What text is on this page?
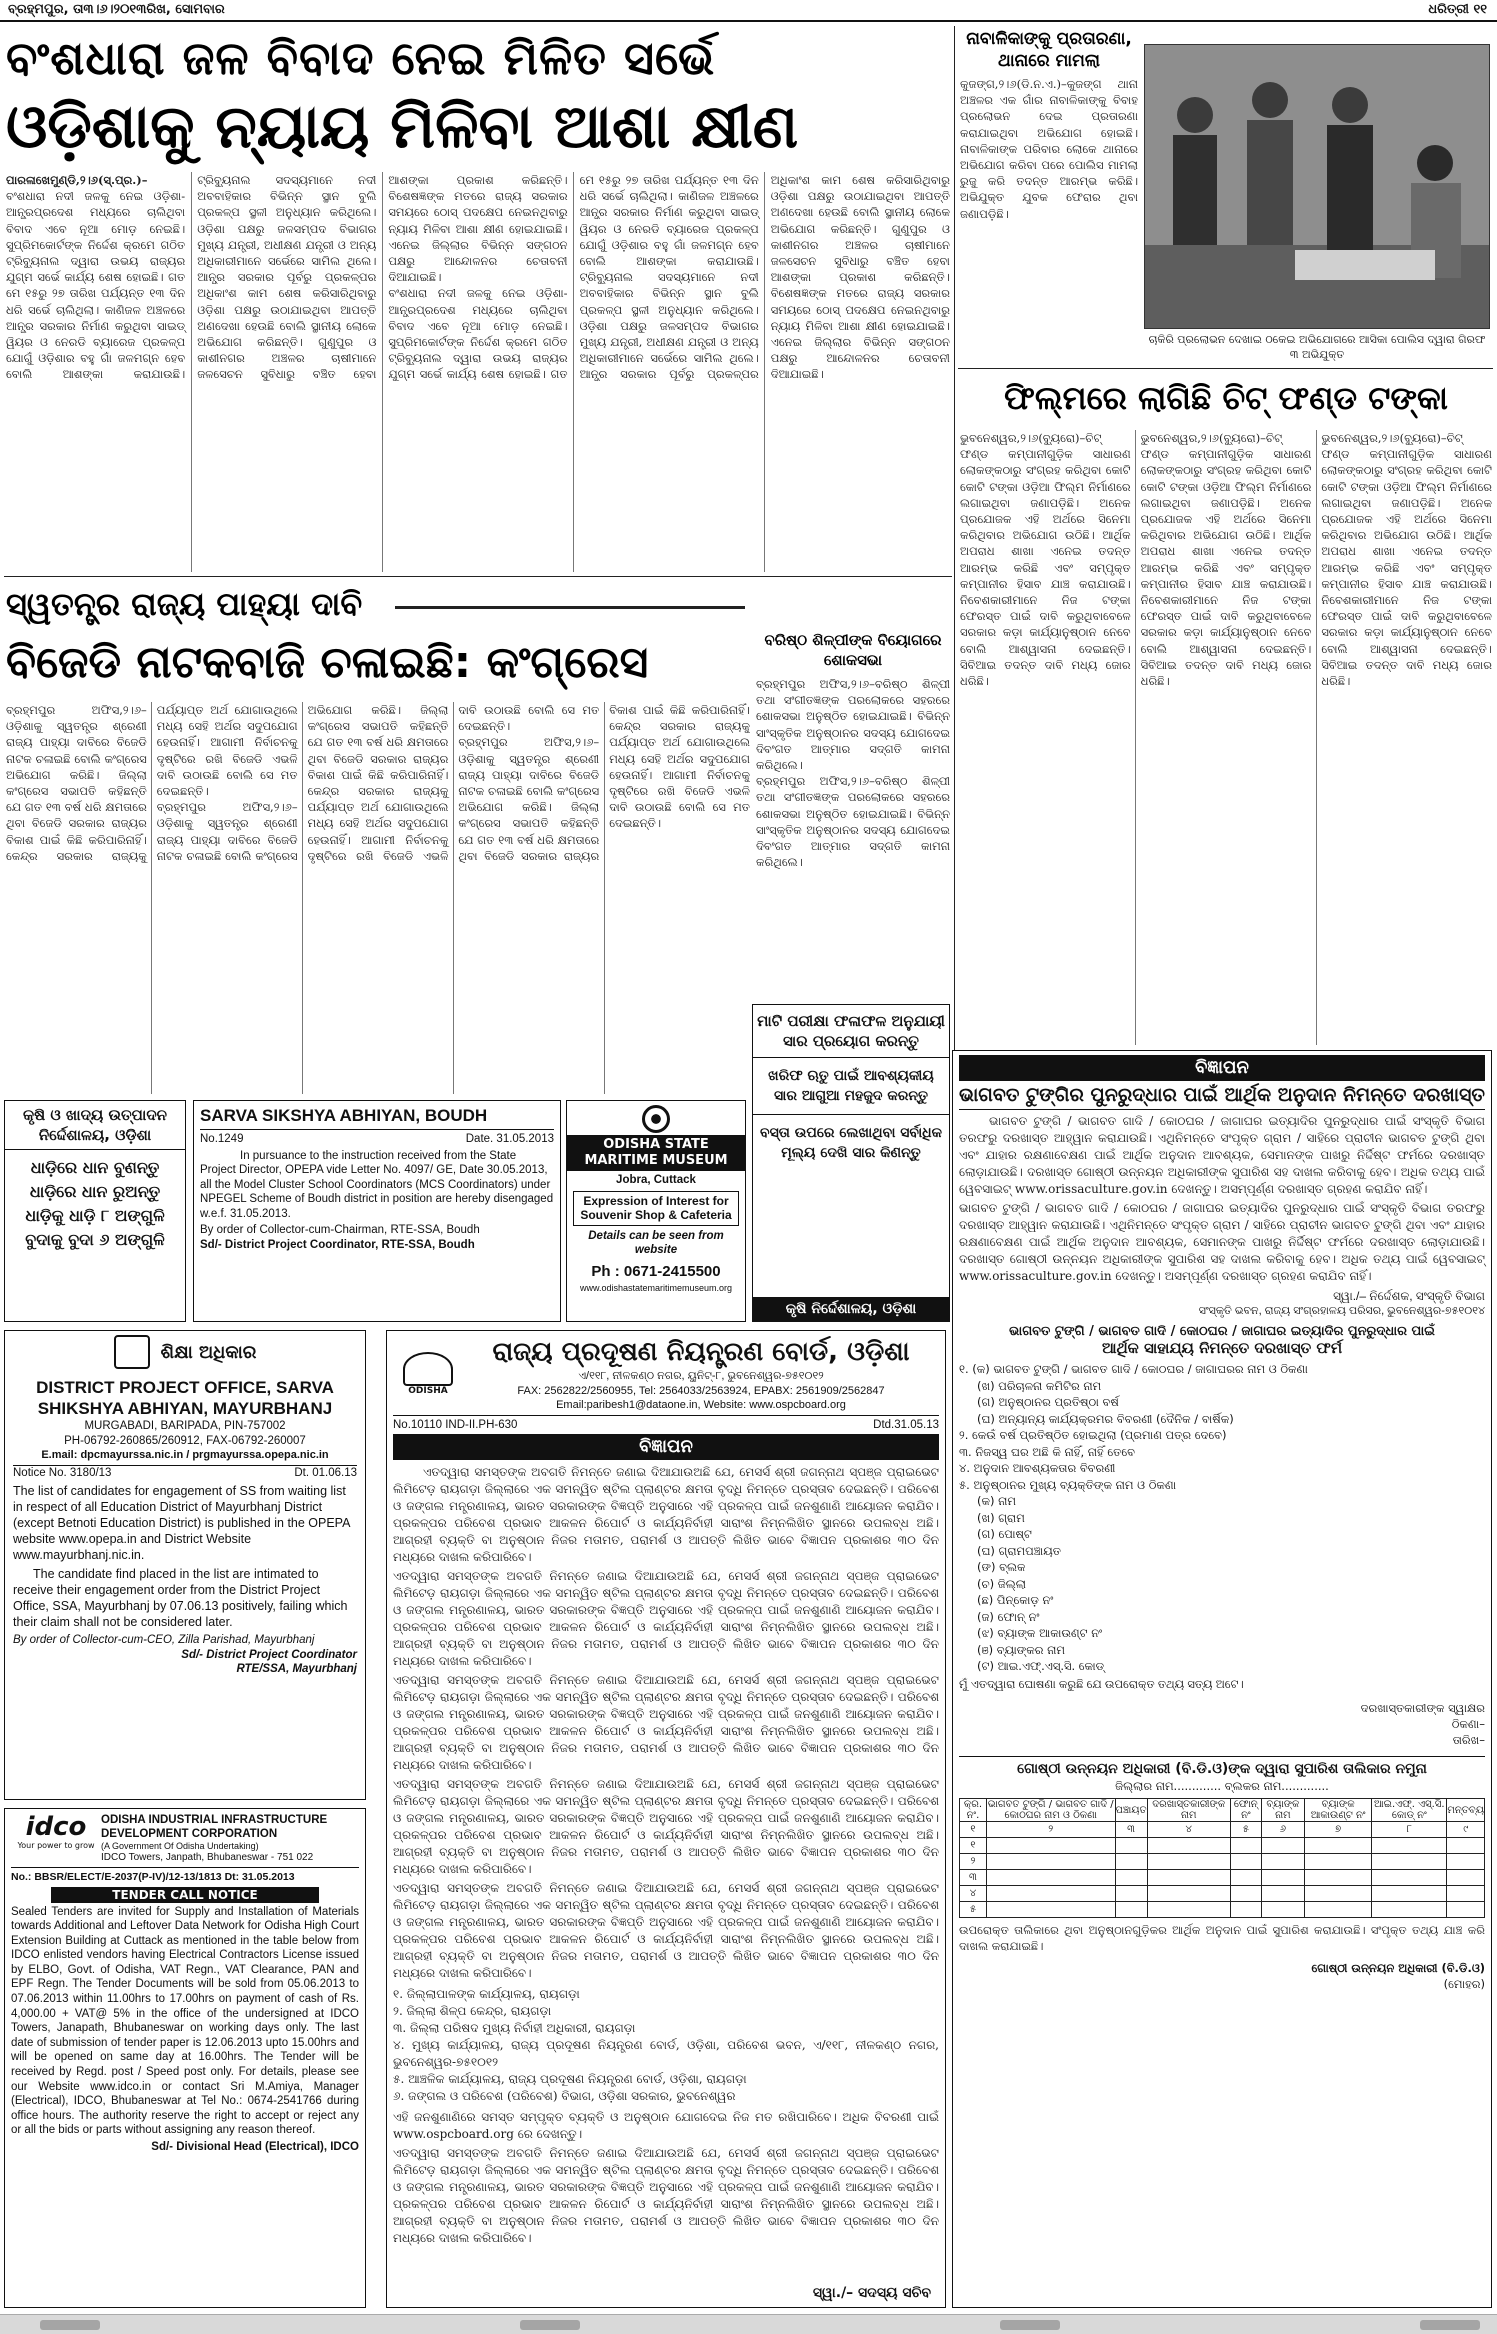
ବ୍ରହ୍ମପୁର, ତା୩।୬।୨୦୧୩ରିଖ, ସୋମବାର	ଧରିତ୍ରୀ ୧୧
ବଂଶଧାରା ଜଳ ବିବାଦ ନେଇ ମିଳିତ ସର୍ଭେ
ଓଡ଼ିଶାକୁ ନ୍ୟାୟ ମିଳିବା ଆଶା କ୍ଷୀଣ
ପାରଳାଖେମୁଣ୍ଡି,୨।୬(ସ୍.ପ୍ର.)– ବଂଶଧାରା ନଦୀ ଜଳକୁ ନେଇ ଓଡ଼ିଶା-ଆନ୍ଧ୍ରପ୍ରଦେଶ ମଧ୍ୟରେ ଚାଲିଥିବା ବିବାଦ ଏବେ ନୂଆ ମୋଡ଼ ନେଇଛି। ସୁପ୍ରିମକୋର୍ଟଙ୍କ ନିର୍ଦ୍ଦେଶ କ୍ରମେ ଗଠିତ ଟ୍ରିବ୍ୟୁନାଲ ଦ୍ୱାରା ଉଭୟ ରାଜ୍ୟର ଯୁଗ୍ମ ସର୍ଭେ କାର୍ଯ୍ୟ ଶେଷ ହୋଇଛି। ଗତ ମେ ୧୫ରୁ ୨୭ ତାରିଖ ପର୍ଯ୍ୟନ୍ତ ୧୩ ଦିନ ଧରି ସର୍ଭେ ଚାଲିଥିଲା। କାଣିଜଳ ଅଞ୍ଚଳରେ ଆନ୍ଧ୍ର ସରକାର ନିର୍ମାଣ କରୁଥିବା ସାଇଡ୍ ୱିୟର ଓ ନେରଡି ବ୍ୟାରେଜ ପ୍ରକଳ୍ପ ଯୋଗୁଁ ଓଡ଼ିଶାର ବହୁ ଗାଁ ଜଳମଗ୍ନ ହେବ ବୋଲି ଆଶଙ୍କା କରାଯାଉଛି। ଟ୍ରିବ୍ୟୁନାଲ ସଦସ୍ୟମାନେ ନଦୀ ଅବବାହିକାର ବିଭିନ୍ନ ସ୍ଥାନ ବୁଲି ପ୍ରକଳ୍ପ ସ୍ଥଳୀ ଅନୁଧ୍ୟାନ କରିଥିଲେ। ଓଡ଼ିଶା ପକ୍ଷରୁ ଜଳସମ୍ପଦ ବିଭାଗର ମୁଖ୍ୟ ଯନ୍ତ୍ରୀ, ଅଧୀକ୍ଷଣ ଯନ୍ତ୍ରୀ ଓ ଅନ୍ୟ ଅଧିକାରୀମାନେ ସର୍ଭେରେ ସାମିଲ ଥିଲେ। ଆନ୍ଧ୍ର ସରକାର ପୂର୍ବରୁ ପ୍ରକଳ୍ପର ଅଧିକାଂଶ କାମ ଶେଷ କରିସାରିଥିବାରୁ ଓଡ଼ିଶା ପକ୍ଷରୁ ଉଠାଯାଇଥିବା ଆପତ୍ତି ଅଣଦେଖା ହେଉଛି ବୋଲି ସ୍ଥାନୀୟ ଲୋକେ ଅଭିଯୋଗ କରିଛନ୍ତି। ଗୁଣୁପୁର ଓ କାଶୀନଗର ଅଞ୍ଚଳର ଚାଷୀମାନେ ଜଳସେଚନ ସୁବିଧାରୁ ବଞ୍ଚିତ ହେବା ଆଶଙ୍କା ପ୍ରକାଶ କରିଛନ୍ତି। ବିଶେଷଜ୍ଞଙ୍କ ମତରେ ରାଜ୍ୟ ସରକାର ସମୟରେ ଠୋସ୍ ପଦକ୍ଷେପ ନେଇନଥିବାରୁ ନ୍ୟାୟ ମିଳିବା ଆଶା କ୍ଷୀଣ ହୋଇଯାଇଛି। ଏନେଇ ଜିଲ୍ଲାର ବିଭିନ୍ନ ସଙ୍ଗଠନ ପକ୍ଷରୁ ଆନ୍ଦୋଳନର ଚେତାବନୀ ଦିଆଯାଇଛି।
ବଂଶଧାରା ନଦୀ ଜଳକୁ ନେଇ ଓଡ଼ିଶା-ଆନ୍ଧ୍ରପ୍ରଦେଶ ମଧ୍ୟରେ ଚାଲିଥିବା ବିବାଦ ଏବେ ନୂଆ ମୋଡ଼ ନେଇଛି। ସୁପ୍ରିମକୋର୍ଟଙ୍କ ନିର୍ଦ୍ଦେଶ କ୍ରମେ ଗଠିତ ଟ୍ରିବ୍ୟୁନାଲ ଦ୍ୱାରା ଉଭୟ ରାଜ୍ୟର ଯୁଗ୍ମ ସର୍ଭେ କାର୍ଯ୍ୟ ଶେଷ ହୋଇଛି। ଗତ ମେ ୧୫ରୁ ୨୭ ତାରିଖ ପର୍ଯ୍ୟନ୍ତ ୧୩ ଦିନ ଧରି ସର୍ଭେ ଚାଲିଥିଲା। କାଣିଜଳ ଅଞ୍ଚଳରେ ଆନ୍ଧ୍ର ସରକାର ନିର୍ମାଣ କରୁଥିବା ସାଇଡ୍ ୱିୟର ଓ ନେରଡି ବ୍ୟାରେଜ ପ୍ରକଳ୍ପ ଯୋଗୁଁ ଓଡ଼ିଶାର ବହୁ ଗାଁ ଜଳମଗ୍ନ ହେବ ବୋଲି ଆଶଙ୍କା କରାଯାଉଛି। ଟ୍ରିବ୍ୟୁନାଲ ସଦସ୍ୟମାନେ ନଦୀ ଅବବାହିକାର ବିଭିନ୍ନ ସ୍ଥାନ ବୁଲି ପ୍ରକଳ୍ପ ସ୍ଥଳୀ ଅନୁଧ୍ୟାନ କରିଥିଲେ। ଓଡ଼ିଶା ପକ୍ଷରୁ ଜଳସମ୍ପଦ ବିଭାଗର ମୁଖ୍ୟ ଯନ୍ତ୍ରୀ, ଅଧୀକ୍ଷଣ ଯନ୍ତ୍ରୀ ଓ ଅନ୍ୟ ଅଧିକାରୀମାନେ ସର୍ଭେରେ ସାମିଲ ଥିଲେ। ଆନ୍ଧ୍ର ସରକାର ପୂର୍ବରୁ ପ୍ରକଳ୍ପର ଅଧିକାଂଶ କାମ ଶେଷ କରିସାରିଥିବାରୁ ଓଡ଼ିଶା ପକ୍ଷରୁ ଉଠାଯାଇଥିବା ଆପତ୍ତି ଅଣଦେଖା ହେଉଛି ବୋଲି ସ୍ଥାନୀୟ ଲୋକେ ଅଭିଯୋଗ କରିଛନ୍ତି। ଗୁଣୁପୁର ଓ କାଶୀନଗର ଅଞ୍ଚଳର ଚାଷୀମାନେ ଜଳସେଚନ ସୁବିଧାରୁ ବଞ୍ଚିତ ହେବା ଆଶଙ୍କା ପ୍ରକାଶ କରିଛନ୍ତି। ବିଶେଷଜ୍ଞଙ୍କ ମତରେ ରାଜ୍ୟ ସରକାର ସମୟରେ ଠୋସ୍ ପଦକ୍ଷେପ ନେଇନଥିବାରୁ ନ୍ୟାୟ ମିଳିବା ଆଶା କ୍ଷୀଣ ହୋଇଯାଇଛି। ଏନେଇ ଜିଲ୍ଲାର ବିଭିନ୍ନ ସଙ୍ଗଠନ ପକ୍ଷରୁ ଆନ୍ଦୋଳନର ଚେତାବନୀ ଦିଆଯାଇଛି।
ନାବାଳିକାଙ୍କୁ ପ୍ରତାରଣା,
ଥାନାରେ ମାମଲା
କୁଜଙ୍ଗ,୨।୬(ଡି.ନ.ଏ.)–କୁଜଙ୍ଗ ଥାନା ଅଞ୍ଚଳର ଏକ ଗାଁର ନାବାଳିକାଙ୍କୁ ବିବାହ ପ୍ରଲୋଭନ ଦେଇ ପ୍ରତାରଣା କରାଯାଇଥିବା ଅଭିଯୋଗ ହୋଇଛି। ନାବାଳିକାଙ୍କ ପରିବାର ଲୋକେ ଥାନାରେ ଅଭିଯୋଗ କରିବା ପରେ ପୋଲିସ ମାମଲା ରୁଜୁ କରି ତଦନ୍ତ ଆରମ୍ଭ କରିଛି। ଅଭିଯୁକ୍ତ ଯୁବକ ଫେରାର ଥିବା ଜଣାପଡ଼ିଛି।
ଚାକିରି ପ୍ରଲୋଭନ ଦେଖାଇ ଠକେଇ ଅଭିଯୋଗରେ ଆସିକା ପୋଲିସ ଦ୍ୱାରା ଗିରଫ ୩ ଅଭିଯୁକ୍ତ
ଫିଲ୍ମରେ ଲାଗିଛି ଚିଟ୍ ଫଣ୍ଡ ଟଙ୍କା
ଭୁବନେଶ୍ୱର,୨।୬(ବ୍ୟୁରୋ)–ଚିଟ୍ ଫଣ୍ଡ କମ୍ପାନୀଗୁଡ଼ିକ ସାଧାରଣ ଲୋକଙ୍କଠାରୁ ସଂଗ୍ରହ କରିଥିବା କୋଟି କୋଟି ଟଙ୍କା ଓଡ଼ିଆ ଫିଲ୍ମ ନିର୍ମାଣରେ ଲଗାଇଥିବା ଜଣାପଡ଼ିଛି। ଅନେକ ପ୍ରଯୋଜକ ଏହି ଅର୍ଥରେ ସିନେମା କରିଥିବାର ଅଭିଯୋଗ ଉଠିଛି। ଆର୍ଥିକ ଅପରାଧ ଶାଖା ଏନେଇ ତଦନ୍ତ ଆରମ୍ଭ କରିଛି ଏବଂ ସମ୍ପୃକ୍ତ କମ୍ପାନୀର ହିସାବ ଯାଞ୍ଚ କରାଯାଉଛି। ନିବେଶକାରୀମାନେ ନିଜ ଟଙ୍କା ଫେରସ୍ତ ପାଇଁ ଦାବି କରୁଥିବାବେଳେ ସରକାର କଡ଼ା କାର୍ଯ୍ୟାନୁଷ୍ଠାନ ନେବେ ବୋଲି ଆଶ୍ୱାସନା ଦେଇଛନ୍ତି। ସିବିଆଇ ତଦନ୍ତ ଦାବି ମଧ୍ୟ ଜୋର ଧରିଛି।
ଭୁବନେଶ୍ୱର,୨।୬(ବ୍ୟୁରୋ)–ଚିଟ୍ ଫଣ୍ଡ କମ୍ପାନୀଗୁଡ଼ିକ ସାଧାରଣ ଲୋକଙ୍କଠାରୁ ସଂଗ୍ରହ କରିଥିବା କୋଟି କୋଟି ଟଙ୍କା ଓଡ଼ିଆ ଫିଲ୍ମ ନିର୍ମାଣରେ ଲଗାଇଥିବା ଜଣାପଡ଼ିଛି। ଅନେକ ପ୍ରଯୋଜକ ଏହି ଅର୍ଥରେ ସିନେମା କରିଥିବାର ଅଭିଯୋଗ ଉଠିଛି। ଆର୍ଥିକ ଅପରାଧ ଶାଖା ଏନେଇ ତଦନ୍ତ ଆରମ୍ଭ କରିଛି ଏବଂ ସମ୍ପୃକ୍ତ କମ୍ପାନୀର ହିସାବ ଯାଞ୍ଚ କରାଯାଉଛି। ନିବେଶକାରୀମାନେ ନିଜ ଟଙ୍କା ଫେରସ୍ତ ପାଇଁ ଦାବି କରୁଥିବାବେଳେ ସରକାର କଡ଼ା କାର୍ଯ୍ୟାନୁଷ୍ଠାନ ନେବେ ବୋଲି ଆଶ୍ୱାସନା ଦେଇଛନ୍ତି। ସିବିଆଇ ତଦନ୍ତ ଦାବି ମଧ୍ୟ ଜୋର ଧରିଛି।
ଭୁବନେଶ୍ୱର,୨।୬(ବ୍ୟୁରୋ)–ଚିଟ୍ ଫଣ୍ଡ କମ୍ପାନୀଗୁଡ଼ିକ ସାଧାରଣ ଲୋକଙ୍କଠାରୁ ସଂଗ୍ରହ କରିଥିବା କୋଟି କୋଟି ଟଙ୍କା ଓଡ଼ିଆ ଫିଲ୍ମ ନିର୍ମାଣରେ ଲଗାଇଥିବା ଜଣାପଡ଼ିଛି। ଅନେକ ପ୍ରଯୋଜକ ଏହି ଅର୍ଥରେ ସିନେମା କରିଥିବାର ଅଭିଯୋଗ ଉଠିଛି। ଆର୍ଥିକ ଅପରାଧ ଶାଖା ଏନେଇ ତଦନ୍ତ ଆରମ୍ଭ କରିଛି ଏବଂ ସମ୍ପୃକ୍ତ କମ୍ପାନୀର ହିସାବ ଯାଞ୍ଚ କରାଯାଉଛି। ନିବେଶକାରୀମାନେ ନିଜ ଟଙ୍କା ଫେରସ୍ତ ପାଇଁ ଦାବି କରୁଥିବାବେଳେ ସରକାର କଡ଼ା କାର୍ଯ୍ୟାନୁଷ୍ଠାନ ନେବେ ବୋଲି ଆଶ୍ୱାସନା ଦେଇଛନ୍ତି। ସିବିଆଇ ତଦନ୍ତ ଦାବି ମଧ୍ୟ ଜୋର ଧରିଛି।
ସ୍ୱତନ୍ତ୍ର ରାଜ୍ୟ ପାହ୍ୟା ଦାବି
ବିଜେଡି ନାଟକବାଜି ଚଳାଇଛି: କଂଗ୍ରେସ
ବ୍ରହ୍ମପୁର ଅଫିସ,୨।୬–ଓଡ଼ିଶାକୁ ସ୍ୱତନ୍ତ୍ର ଶ୍ରେଣୀ ରାଜ୍ୟ ପାହ୍ୟା ଦାବିରେ ବିଜେଡି ନାଟକ ଚଳାଇଛି ବୋଲି କଂଗ୍ରେସ ଅଭିଯୋଗ କରିଛି। ଜିଲ୍ଲା କଂଗ୍ରେସ ସଭାପତି କହିଛନ୍ତି ଯେ ଗତ ୧୩ ବର୍ଷ ଧରି କ୍ଷମତାରେ ଥିବା ବିଜେଡି ସରକାର ରାଜ୍ୟର ବିକାଶ ପାଇଁ କିଛି କରିପାରିନାହିଁ। କେନ୍ଦ୍ର ସରକାର ରାଜ୍ୟକୁ ପର୍ଯ୍ୟାପ୍ତ ଅର୍ଥ ଯୋଗାଉଥିଲେ ମଧ୍ୟ ସେହି ଅର୍ଥର ସଦୁପଯୋଗ ହେଉନାହିଁ। ଆଗାମୀ ନିର୍ବାଚନକୁ ଦୃଷ୍ଟିରେ ରଖି ବିଜେଡି ଏଭଳି ଦାବି ଉଠାଉଛି ବୋଲି ସେ ମତ ଦେଇଛନ୍ତି।
ବ୍ରହ୍ମପୁର ଅଫିସ,୨।୬–ଓଡ଼ିଶାକୁ ସ୍ୱତନ୍ତ୍ର ଶ୍ରେଣୀ ରାଜ୍ୟ ପାହ୍ୟା ଦାବିରେ ବିଜେଡି ନାଟକ ଚଳାଇଛି ବୋଲି କଂଗ୍ରେସ ଅଭିଯୋଗ କରିଛି। ଜିଲ୍ଲା କଂଗ୍ରେସ ସଭାପତି କହିଛନ୍ତି ଯେ ଗତ ୧୩ ବର୍ଷ ଧରି କ୍ଷମତାରେ ଥିବା ବିଜେଡି ସରକାର ରାଜ୍ୟର ବିକାଶ ପାଇଁ କିଛି କରିପାରିନାହିଁ। କେନ୍ଦ୍ର ସରକାର ରାଜ୍ୟକୁ ପର୍ଯ୍ୟାପ୍ତ ଅର୍ଥ ଯୋଗାଉଥିଲେ ମଧ୍ୟ ସେହି ଅର୍ଥର ସଦୁପଯୋଗ ହେଉନାହିଁ। ଆଗାମୀ ନିର୍ବାଚନକୁ ଦୃଷ୍ଟିରେ ରଖି ବିଜେଡି ଏଭଳି ଦାବି ଉଠାଉଛି ବୋଲି ସେ ମତ ଦେଇଛନ୍ତି।
ବ୍ରହ୍ମପୁର ଅଫିସ,୨।୬–ଓଡ଼ିଶାକୁ ସ୍ୱତନ୍ତ୍ର ଶ୍ରେଣୀ ରାଜ୍ୟ ପାହ୍ୟା ଦାବିରେ ବିଜେଡି ନାଟକ ଚଳାଇଛି ବୋଲି କଂଗ୍ରେସ ଅଭିଯୋଗ କରିଛି। ଜିଲ୍ଲା କଂଗ୍ରେସ ସଭାପତି କହିଛନ୍ତି ଯେ ଗତ ୧୩ ବର୍ଷ ଧରି କ୍ଷମତାରେ ଥିବା ବିଜେଡି ସରକାର ରାଜ୍ୟର ବିକାଶ ପାଇଁ କିଛି କରିପାରିନାହିଁ। କେନ୍ଦ୍ର ସରକାର ରାଜ୍ୟକୁ ପର୍ଯ୍ୟାପ୍ତ ଅର୍ଥ ଯୋଗାଉଥିଲେ ମଧ୍ୟ ସେହି ଅର୍ଥର ସଦୁପଯୋଗ ହେଉନାହିଁ। ଆଗାମୀ ନିର୍ବାଚନକୁ ଦୃଷ୍ଟିରେ ରଖି ବିଜେଡି ଏଭଳି ଦାବି ଉଠାଉଛି ବୋଲି ସେ ମତ ଦେଇଛନ୍ତି।
ବରିଷ୍ଠ ଶିଳ୍ପୀଙ୍କ ବିୟୋଗରେ ଶୋକସଭା
ବ୍ରହ୍ମପୁର ଅଫିସ,୨।୬–ବରିଷ୍ଠ ଶିଳ୍ପୀ ତଥା ସଂଗୀତଜ୍ଞଙ୍କ ପରଲୋକରେ ସହରରେ ଶୋକସଭା ଅନୁଷ୍ଠିତ ହୋଇଯାଇଛି। ବିଭିନ୍ନ ସାଂସ୍କୃତିକ ଅନୁଷ୍ଠାନର ସଦସ୍ୟ ଯୋଗଦେଇ ଦିବଂଗତ ଆତ୍ମାର ସଦ୍‌ଗତି କାମନା କରିଥିଲେ।
ବ୍ରହ୍ମପୁର ଅଫିସ,୨।୬–ବରିଷ୍ଠ ଶିଳ୍ପୀ ତଥା ସଂଗୀତଜ୍ଞଙ୍କ ପରଲୋକରେ ସହରରେ ଶୋକସଭା ଅନୁଷ୍ଠିତ ହୋଇଯାଇଛି। ବିଭିନ୍ନ ସାଂସ୍କୃତିକ ଅନୁଷ୍ଠାନର ସଦସ୍ୟ ଯୋଗଦେଇ ଦିବଂଗତ ଆତ୍ମାର ସଦ୍‌ଗତି କାମନା କରିଥିଲେ।
କୃଷି ଓ ଖାଦ୍ୟ ଉତ୍ପାଦନ ନିର୍ଦ୍ଦେଶାଳୟ, ଓଡ଼ିଶା
ଧାଡ଼ିରେ ଧାନ ବୁଣନ୍ତୁ
ଧାଡ଼ିରେ ଧାନ ରୁଅନ୍ତୁ
ଧାଡ଼ିକୁ ଧାଡ଼ି ୮ ଅଙ୍ଗୁଳି
ବୁଦାକୁ ବୁଦା ୬ ଅଙ୍ଗୁଳି
SARVA SIKSHYA ABHIYAN, BOUDH
No.1249	Date. 31.05.2013
In pursuance to the instruction received from the State Project Director, OPEPA vide Letter No. 4097/ GE, Date 30.05.2013, all the Model Cluster School Coordinators (MCS Coordinators) under NPEGEL Scheme of Boudh district in position are hereby disengaged w.e.f. 31.05.2013.
By order of Collector-cum-Chairman, RTE-SSA, Boudh
Sd/- District Project Coordinator, RTE-SSA, Boudh
ODISHA STATE MARITIME MUSEUM
Jobra, Cuttack
Expression of Interest for Souvenir Shop & Cafeteria
Details can be seen from website
Ph : 0671-2415500
www.odishastatemaritimemuseum.org
ମାଟି ପରୀକ୍ଷା ଫଳାଫଳ ଅନୁଯାୟୀ ସାର ପ୍ରୟୋଗ କରନ୍ତୁ
ଖରିଫ ଋତୁ ପାଇଁ ଆବଶ୍ୟକୀୟ ସାର ଆଗୁଆ ମହଜୁଦ କରନ୍ତୁ
ବସ୍ତା ଉପରେ ଲେଖାଥିବା ସର୍ବାଧିକ ମୂଲ୍ୟ ଦେଖି ସାର କିଣନ୍ତୁ
କୃଷି ନିର୍ଦ୍ଦେଶାଳୟ, ଓଡ଼ିଶା
ଶିକ୍ଷା ଅଧିକାର
DISTRICT PROJECT OFFICE, SARVA SHIKSHYA ABHIYAN, MAYURBHANJ
MURGABADI, BARIPADA, PIN-757002
PH-06792-260865/260912, FAX-06792-260007
E.mail: dpcmayurssa.nic.in / prgmayurssa.opepa.nic.in
Notice No. 3180/13	Dt. 01.06.13
The list of candidates for engagement of SS from waiting list in respect of all Education District of Mayurbhanj District (except Betnoti Education District) is published in the OPEPA website www.opepa.in and District Website www.mayurbhanj.nic.in.
The candidate find placed in the list are intimated to receive their engagement order from the District Project Office, SSA, Mayurbhanj by 07.06.13 positively, failing which their claim shall not be considered later.
By order of Collector-cum-CEO, Zilla Parishad, Mayurbhanj
Sd/- District Project Coordinator
RTE/SSA, Mayurbhanj
idco
Your power to grow
ODISHA INDUSTRIAL INFRASTRUCTURE DEVELOPMENT CORPORATION
(A Government Of Odisha Undertaking)
IDCO Towers, Janpath, Bhubaneswar - 751 022
No.: BBSR/ELECT/E-2037(P-IV)/12-13/1813 Dt: 31.05.2013
TENDER CALL NOTICE
Sealed Tenders are invited for Supply and Installation of Materials towards Additional and Leftover Data Network for Odisha High Court Extension Building at Cuttack as mentioned in the table below from IDCO enlisted vendors having Electrical Contractors License issued by ELBO, Govt. of Odisha, VAT Regn., VAT Clearance, PAN and EPF Regn. The Tender Documents will be sold from 05.06.2013 to 07.06.2013 within 11.00hrs to 17.00hrs on payment of cash of Rs. 4,000.00 + VAT@ 5% in the office of the undersigned at IDCO Towers, Janapath, Bhubaneswar on working days only. The last date of submission of tender paper is 12.06.2013 upto 15.00hrs and will be opened on same day at 16.00hrs. The Tender will be received by Regd. post / Speed post only. For details, please see our Website www.idco.in or contact Sri M.Amiya, Manager (Electrical), IDCO, Bhubaneswar at Tel No.: 0674-2541766 during office hours. The authority reserve the right to accept or reject any or all the bids or parts without assigning any reason thereof.
Sd/- Divisional Head (Electrical), IDCO
ODISHA
ରାଜ୍ୟ ପ୍ରଦୂଷଣ ନିୟନ୍ତ୍ରଣ ବୋର୍ଡ, ଓଡ଼ିଶା
ଏ/୧୧୮, ନୀଳକଣ୍ଠ ନଗର, ୟୁନିଟ୍-୮, ଭୁବନେଶ୍ୱର-୭୫୧୦୧୨
FAX: 2562822/2560955, Tel: 2564033/2563924, EPABX: 2561909/2562847
Email:paribesh1@dataone.in, Website: www.ospcboard.org
No.10110 IND-II.PH-630	Dtd.31.05.13
ବିଜ୍ଞାପନ
ଏତଦ୍ୱାରା ସମସ୍ତଙ୍କ ଅବଗତି ନିମନ୍ତେ ଜଣାଇ ଦିଆଯାଉଅଛି ଯେ, ମେସର୍ସ ଶ୍ରୀ ଜଗନ୍ନାଥ ସ୍ପଞ୍ଜ ପ୍ରାଇଭେଟ ଲିମିଟେଡ଼ ରାୟଗଡ଼ା ଜିଲ୍ଲାରେ ଏକ ସମନ୍ୱିତ ଷ୍ଟିଲ ପ୍ଲାଣ୍ଟର କ୍ଷମତା ବୃଦ୍ଧି ନିମନ୍ତେ ପ୍ରସ୍ତାବ ଦେଇଛନ୍ତି। ପରିବେଶ ଓ ଜଙ୍ଗଲ ମନ୍ତ୍ରଣାଳୟ, ଭାରତ ସରକାରଙ୍କ ବିଜ୍ଞପ୍ତି ଅନୁସାରେ ଏହି ପ୍ରକଳ୍ପ ପାଇଁ ଜନଶୁଣାଣି ଆୟୋଜନ କରାଯିବ। ପ୍ରକଳ୍ପର ପରିବେଶ ପ୍ରଭାବ ଆକଳନ ରିପୋର୍ଟ ଓ କାର୍ଯ୍ୟନିର୍ବାହୀ ସାରାଂଶ ନିମ୍ନଲିଖିତ ସ୍ଥାନରେ ଉପଲବ୍ଧ ଅଛି। ଆଗ୍ରହୀ ବ୍ୟକ୍ତି ବା ଅନୁଷ୍ଠାନ ନିଜର ମତାମତ, ପରାମର୍ଶ ଓ ଆପତ୍ତି ଲିଖିତ ଭାବେ ବିଜ୍ଞାପନ ପ୍ରକାଶର ୩୦ ଦିନ ମଧ୍ୟରେ ଦାଖଲ କରିପାରିବେ।
ଏତଦ୍ୱାରା ସମସ୍ତଙ୍କ ଅବଗତି ନିମନ୍ତେ ଜଣାଇ ଦିଆଯାଉଅଛି ଯେ, ମେସର୍ସ ଶ୍ରୀ ଜଗନ୍ନାଥ ସ୍ପଞ୍ଜ ପ୍ରାଇଭେଟ ଲିମିଟେଡ଼ ରାୟଗଡ଼ା ଜିଲ୍ଲାରେ ଏକ ସମନ୍ୱିତ ଷ୍ଟିଲ ପ୍ଲାଣ୍ଟର କ୍ଷମତା ବୃଦ୍ଧି ନିମନ୍ତେ ପ୍ରସ୍ତାବ ଦେଇଛନ୍ତି। ପରିବେଶ ଓ ଜଙ୍ଗଲ ମନ୍ତ୍ରଣାଳୟ, ଭାରତ ସରକାରଙ୍କ ବିଜ୍ଞପ୍ତି ଅନୁସାରେ ଏହି ପ୍ରକଳ୍ପ ପାଇଁ ଜନଶୁଣାଣି ଆୟୋଜନ କରାଯିବ। ପ୍ରକଳ୍ପର ପରିବେଶ ପ୍ରଭାବ ଆକଳନ ରିପୋର୍ଟ ଓ କାର୍ଯ୍ୟନିର୍ବାହୀ ସାରାଂଶ ନିମ୍ନଲିଖିତ ସ୍ଥାନରେ ଉପଲବ୍ଧ ଅଛି। ଆଗ୍ରହୀ ବ୍ୟକ୍ତି ବା ଅନୁଷ୍ଠାନ ନିଜର ମତାମତ, ପରାମର୍ଶ ଓ ଆପତ୍ତି ଲିଖିତ ଭାବେ ବିଜ୍ଞାପନ ପ୍ରକାଶର ୩୦ ଦିନ ମଧ୍ୟରେ ଦାଖଲ କରିପାରିବେ।
ଏତଦ୍ୱାରା ସମସ୍ତଙ୍କ ଅବଗତି ନିମନ୍ତେ ଜଣାଇ ଦିଆଯାଉଅଛି ଯେ, ମେସର୍ସ ଶ୍ରୀ ଜଗନ୍ନାଥ ସ୍ପଞ୍ଜ ପ୍ରାଇଭେଟ ଲିମିଟେଡ଼ ରାୟଗଡ଼ା ଜିଲ୍ଲାରେ ଏକ ସମନ୍ୱିତ ଷ୍ଟିଲ ପ୍ଲାଣ୍ଟର କ୍ଷମତା ବୃଦ୍ଧି ନିମନ୍ତେ ପ୍ରସ୍ତାବ ଦେଇଛନ୍ତି। ପରିବେଶ ଓ ଜଙ୍ଗଲ ମନ୍ତ୍ରଣାଳୟ, ଭାରତ ସରକାରଙ୍କ ବିଜ୍ଞପ୍ତି ଅନୁସାରେ ଏହି ପ୍ରକଳ୍ପ ପାଇଁ ଜନଶୁଣାଣି ଆୟୋଜନ କରାଯିବ। ପ୍ରକଳ୍ପର ପରିବେଶ ପ୍ରଭାବ ଆକଳନ ରିପୋର୍ଟ ଓ କାର୍ଯ୍ୟନିର୍ବାହୀ ସାରାଂଶ ନିମ୍ନଲିଖିତ ସ୍ଥାନରେ ଉପଲବ୍ଧ ଅଛି। ଆଗ୍ରହୀ ବ୍ୟକ୍ତି ବା ଅନୁଷ୍ଠାନ ନିଜର ମତାମତ, ପରାମର୍ଶ ଓ ଆପତ୍ତି ଲିଖିତ ଭାବେ ବିଜ୍ଞାପନ ପ୍ରକାଶର ୩୦ ଦିନ ମଧ୍ୟରେ ଦାଖଲ କରିପାରିବେ।
ଏତଦ୍ୱାରା ସମସ୍ତଙ୍କ ଅବଗତି ନିମନ୍ତେ ଜଣାଇ ଦିଆଯାଉଅଛି ଯେ, ମେସର୍ସ ଶ୍ରୀ ଜଗନ୍ନାଥ ସ୍ପଞ୍ଜ ପ୍ରାଇଭେଟ ଲିମିଟେଡ଼ ରାୟଗଡ଼ା ଜିଲ୍ଲାରେ ଏକ ସମନ୍ୱିତ ଷ୍ଟିଲ ପ୍ଲାଣ୍ଟର କ୍ଷମତା ବୃଦ୍ଧି ନିମନ୍ତେ ପ୍ରସ୍ତାବ ଦେଇଛନ୍ତି। ପରିବେଶ ଓ ଜଙ୍ଗଲ ମନ୍ତ୍ରଣାଳୟ, ଭାରତ ସରକାରଙ୍କ ବିଜ୍ଞପ୍ତି ଅନୁସାରେ ଏହି ପ୍ରକଳ୍ପ ପାଇଁ ଜନଶୁଣାଣି ଆୟୋଜନ କରାଯିବ। ପ୍ରକଳ୍ପର ପରିବେଶ ପ୍ରଭାବ ଆକଳନ ରିପୋର୍ଟ ଓ କାର୍ଯ୍ୟନିର୍ବାହୀ ସାରାଂଶ ନିମ୍ନଲିଖିତ ସ୍ଥାନରେ ଉପଲବ୍ଧ ଅଛି। ଆଗ୍ରହୀ ବ୍ୟକ୍ତି ବା ଅନୁଷ୍ଠାନ ନିଜର ମତାମତ, ପରାମର୍ଶ ଓ ଆପତ୍ତି ଲିଖିତ ଭାବେ ବିଜ୍ଞାପନ ପ୍ରକାଶର ୩୦ ଦିନ ମଧ୍ୟରେ ଦାଖଲ କରିପାରିବେ।
ଏତଦ୍ୱାରା ସମସ୍ତଙ୍କ ଅବଗତି ନିମନ୍ତେ ଜଣାଇ ଦିଆଯାଉଅଛି ଯେ, ମେସର୍ସ ଶ୍ରୀ ଜଗନ୍ନାଥ ସ୍ପଞ୍ଜ ପ୍ରାଇଭେଟ ଲିମିଟେଡ଼ ରାୟଗଡ଼ା ଜିଲ୍ଲାରେ ଏକ ସମନ୍ୱିତ ଷ୍ଟିଲ ପ୍ଲାଣ୍ଟର କ୍ଷମତା ବୃଦ୍ଧି ନିମନ୍ତେ ପ୍ରସ୍ତାବ ଦେଇଛନ୍ତି। ପରିବେଶ ଓ ଜଙ୍ଗଲ ମନ୍ତ୍ରଣାଳୟ, ଭାରତ ସରକାରଙ୍କ ବିଜ୍ଞପ୍ତି ଅନୁସାରେ ଏହି ପ୍ରକଳ୍ପ ପାଇଁ ଜନଶୁଣାଣି ଆୟୋଜନ କରାଯିବ। ପ୍ରକଳ୍ପର ପରିବେଶ ପ୍ରଭାବ ଆକଳନ ରିପୋର୍ଟ ଓ କାର୍ଯ୍ୟନିର୍ବାହୀ ସାରାଂଶ ନିମ୍ନଲିଖିତ ସ୍ଥାନରେ ଉପଲବ୍ଧ ଅଛି। ଆଗ୍ରହୀ ବ୍ୟକ୍ତି ବା ଅନୁଷ୍ଠାନ ନିଜର ମତାମତ, ପରାମର୍ଶ ଓ ଆପତ୍ତି ଲିଖିତ ଭାବେ ବିଜ୍ଞାପନ ପ୍ରକାଶର ୩୦ ଦିନ ମଧ୍ୟରେ ଦାଖଲ କରିପାରିବେ।
୧. ଜିଲ୍ଲାପାଳଙ୍କ କାର୍ଯ୍ୟାଳୟ, ରାୟଗଡ଼ା
୨. ଜିଲ୍ଲା ଶିଳ୍ପ କେନ୍ଦ୍ର, ରାୟଗଡ଼ା
୩. ଜିଲ୍ଲା ପରିଷଦ ମୁଖ୍ୟ ନିର୍ବାହୀ ଅଧିକାରୀ, ରାୟଗଡ଼ା
୪. ମୁଖ୍ୟ କାର୍ଯ୍ୟାଳୟ, ରାଜ୍ୟ ପ୍ରଦୂଷଣ ନିୟନ୍ତ୍ରଣ ବୋର୍ଡ, ଓଡ଼ିଶା, ପରିବେଶ ଭବନ, ଏ/୧୧୮, ନୀଳକଣ୍ଠ ନଗର, ଭୁବନେଶ୍ୱର-୭୫୧୦୧୨
୫. ଆଞ୍ଚଳିକ କାର୍ଯ୍ୟାଳୟ, ରାଜ୍ୟ ପ୍ରଦୂଷଣ ନିୟନ୍ତ୍ରଣ ବୋର୍ଡ, ଓଡ଼ିଶା, ରାୟଗଡ଼ା
୬. ଜଙ୍ଗଲ ଓ ପରିବେଶ (ପରିବେଶ) ବିଭାଗ, ଓଡ଼ିଶା ସରକାର, ଭୁବନେଶ୍ୱର
ଏହି ଜନଶୁଣାଣିରେ ସମସ୍ତ ସମ୍ପୃକ୍ତ ବ୍ୟକ୍ତି ଓ ଅନୁଷ୍ଠାନ ଯୋଗଦେଇ ନିଜ ମତ ରଖିପାରିବେ। ଅଧିକ ବିବରଣୀ ପାଇଁ www.ospcboard.org ରେ ଦେଖନ୍ତୁ।
ଏତଦ୍ୱାରା ସମସ୍ତଙ୍କ ଅବଗତି ନିମନ୍ତେ ଜଣାଇ ଦିଆଯାଉଅଛି ଯେ, ମେସର୍ସ ଶ୍ରୀ ଜଗନ୍ନାଥ ସ୍ପଞ୍ଜ ପ୍ରାଇଭେଟ ଲିମିଟେଡ଼ ରାୟଗଡ଼ା ଜିଲ୍ଲାରେ ଏକ ସମନ୍ୱିତ ଷ୍ଟିଲ ପ୍ଲାଣ୍ଟର କ୍ଷମତା ବୃଦ୍ଧି ନିମନ୍ତେ ପ୍ରସ୍ତାବ ଦେଇଛନ୍ତି। ପରିବେଶ ଓ ଜଙ୍ଗଲ ମନ୍ତ୍ରଣାଳୟ, ଭାରତ ସରକାରଙ୍କ ବିଜ୍ଞପ୍ତି ଅନୁସାରେ ଏହି ପ୍ରକଳ୍ପ ପାଇଁ ଜନଶୁଣାଣି ଆୟୋଜନ କରାଯିବ। ପ୍ରକଳ୍ପର ପରିବେଶ ପ୍ରଭାବ ଆକଳନ ରିପୋର୍ଟ ଓ କାର୍ଯ୍ୟନିର୍ବାହୀ ସାରାଂଶ ନିମ୍ନଲିଖିତ ସ୍ଥାନରେ ଉପଲବ୍ଧ ଅଛି। ଆଗ୍ରହୀ ବ୍ୟକ୍ତି ବା ଅନୁଷ୍ଠାନ ନିଜର ମତାମତ, ପରାମର୍ଶ ଓ ଆପତ୍ତି ଲିଖିତ ଭାବେ ବିଜ୍ଞାପନ ପ୍ରକାଶର ୩୦ ଦିନ ମଧ୍ୟରେ ଦାଖଲ କରିପାରିବେ।
ସ୍ୱା./– ସଦସ୍ୟ ସଚିବ
ବିଜ୍ଞାପନ
ଭାଗବତ ଟୁଙ୍ଗିର ପୁନରୁଦ୍ଧାର ପାଇଁ ଆର୍ଥିକ ଅନୁଦାନ ନିମନ୍ତେ ଦରଖାସ୍ତ
ଭାଗବତ ଟୁଙ୍ଗି / ଭାଗବତ ଗାଦି / କୋଠଘର / ଜାଗାଘର ଇତ୍ୟାଦିର ପୁନରୁଦ୍ଧାର ପାଇଁ ସଂସ୍କୃତି ବିଭାଗ ତରଫରୁ ଦରଖାସ୍ତ ଆହ୍ୱାନ କରାଯାଉଛି। ଏଥିନିମନ୍ତେ ସଂପୃକ୍ତ ଗ୍ରାମ / ସାହିରେ ପ୍ରାଚୀନ ଭାଗବତ ଟୁଙ୍ଗି ଥିବା ଏବଂ ଯାହାର ରକ୍ଷଣାବେକ୍ଷଣ ପାଇଁ ଆର୍ଥିକ ଅନୁଦାନ ଆବଶ୍ୟକ, ସେମାନଙ୍କ ପାଖରୁ ନିର୍ଦ୍ଦିଷ୍ଟ ଫର୍ମରେ ଦରଖାସ୍ତ ଲୋଡ଼ାଯାଉଛି। ଦରଖାସ୍ତ ଗୋଷ୍ଠୀ ଉନ୍ନୟନ ଅଧିକାରୀଙ୍କ ସୁପାରିଶ ସହ ଦାଖଲ କରିବାକୁ ହେବ। ଅଧିକ ତଥ୍ୟ ପାଇଁ ୱେବସାଇଟ୍ www.orissaculture.gov.in ଦେଖନ୍ତୁ। ଅସମ୍ପୂର୍ଣ୍ଣ ଦରଖାସ୍ତ ଗ୍ରହଣ କରାଯିବ ନାହିଁ।
ଭାଗବତ ଟୁଙ୍ଗି / ଭାଗବତ ଗାଦି / କୋଠଘର / ଜାଗାଘର ଇତ୍ୟାଦିର ପୁନରୁଦ୍ଧାର ପାଇଁ ସଂସ୍କୃତି ବିଭାଗ ତରଫରୁ ଦରଖାସ୍ତ ଆହ୍ୱାନ କରାଯାଉଛି। ଏଥିନିମନ୍ତେ ସଂପୃକ୍ତ ଗ୍ରାମ / ସାହିରେ ପ୍ରାଚୀନ ଭାଗବତ ଟୁଙ୍ଗି ଥିବା ଏବଂ ଯାହାର ରକ୍ଷଣାବେକ୍ଷଣ ପାଇଁ ଆର୍ଥିକ ଅନୁଦାନ ଆବଶ୍ୟକ, ସେମାନଙ୍କ ପାଖରୁ ନିର୍ଦ୍ଦିଷ୍ଟ ଫର୍ମରେ ଦରଖାସ୍ତ ଲୋଡ଼ାଯାଉଛି। ଦରଖାସ୍ତ ଗୋଷ୍ଠୀ ଉନ୍ନୟନ ଅଧିକାରୀଙ୍କ ସୁପାରିଶ ସହ ଦାଖଲ କରିବାକୁ ହେବ। ଅଧିକ ତଥ୍ୟ ପାଇଁ ୱେବସାଇଟ୍ www.orissaculture.gov.in ଦେଖନ୍ତୁ। ଅସମ୍ପୂର୍ଣ୍ଣ ଦରଖାସ୍ତ ଗ୍ରହଣ କରାଯିବ ନାହିଁ।
ସ୍ୱା./– ନିର୍ଦ୍ଦେଶକ, ସଂସ୍କୃତି ବିଭାଗ
ସଂସ୍କୃତି ଭବନ, ରାଜ୍ୟ ସଂଗ୍ରହାଳୟ ପରିସର, ଭୁବନେଶ୍ୱର-୭୫୧୦୧୪
ଭାଗବତ ଟୁଙ୍ଗି / ଭାଗବତ ଗାଦି / କୋଠଘର / ଜାଗାଘର ଇତ୍ୟାଦିର ପୁନରୁଦ୍ଧାର ପାଇଁ
ଆର୍ଥିକ ସାହାଯ୍ୟ ନିମନ୍ତେ ଦରଖାସ୍ତ ଫର୍ମ
୧. (କ) ଭାଗବତ ଟୁଙ୍ଗି / ଭାଗବତ ଗାଦି / କୋଠଘର / ଜାଗାଘରର ନାମ ଓ ଠିକଣା
(ଖ) ପରିଚାଳନା କମିଟିର ନାମ
(ଗ) ଅନୁଷ୍ଠାନର ପ୍ରତିଷ୍ଠା ବର୍ଷ
(ଘ) ଅନ୍ୟାନ୍ୟ କାର୍ଯ୍ୟକ୍ରମର ବିବରଣୀ (ଦୈନିକ / ବାର୍ଷିକ)
୨. କେଉଁ ବର୍ଷ ପ୍ରତିଷ୍ଠିତ ହୋଇଥିଲା (ପ୍ରମାଣ ପତ୍ର ଦେବେ)
୩. ନିଜସ୍ୱ ଘର ଅଛି କି ନାହିଁ, ନାହିଁ ତେବେ
୪. ଅନୁଦାନ ଆବଶ୍ୟକତାର ବିବରଣୀ
୫. ଅନୁଷ୍ଠାନର ମୁଖ୍ୟ ବ୍ୟକ୍ତିଙ୍କ ନାମ ଓ ଠିକଣା
(କ) ନାମ
(ଖ) ଗ୍ରାମ
(ଗ) ପୋଷ୍ଟ
(ଘ) ଗ୍ରାମପଞ୍ଚାୟତ
(ଙ) ବ୍ଲକ
(ଚ) ଜିଲ୍ଲା
(ଛ) ପିନ୍‌କୋଡ଼ ନଂ
(ଜ) ଫୋନ୍ ନଂ
(ଝ) ବ୍ୟାଙ୍କ ଆକାଉଣ୍ଟ ନଂ
(ଞ) ବ୍ୟାଙ୍କର ନାମ
(ଟ) ଆଇ.ଏଫ୍.ଏସ୍.ସି. କୋଡ୍
ମୁଁ ଏତଦ୍ୱାରା ଘୋଷଣା କରୁଛି ଯେ ଉପରୋକ୍ତ ତଥ୍ୟ ସତ୍ୟ ଅଟେ।
ଦରଖାସ୍ତକାରୀଙ୍କ ସ୍ୱାକ୍ଷର
ଠିକଣା–
ତାରିଖ–
ଗୋଷ୍ଠୀ ଉନ୍ନୟନ ଅଧିକାରୀ (ବି.ଡି.ଓ)ଙ୍କ ଦ୍ୱାରା ସୁପାରିଶ ତାଲିକାର ନମୁନା
ଜିଲ୍ଲାର ନାମ............. ବ୍ଲକର ନାମ.............
କ୍ର. ନଂ.	ଭାଗବତ ଟୁଙ୍ଗି / ଭାଗବତ ଗାଦି / କୋଠଘର ନାମ ଓ ଠିକଣା	ପଞ୍ଚାୟତ	ଦରଖାସ୍ତକାରୀଙ୍କ ନାମ	ଫୋନ୍ ନଂ	ବ୍ୟାଙ୍କ ନାମ	ବ୍ୟାଙ୍କ ଆକାଉଣ୍ଟ ନଂ	ଆଇ.ଏଫ୍. ଏସ୍.ସି. କୋଡ୍ ନଂ	ମନ୍ତବ୍ୟ
୧	୨	୩	୪	୫	୬	୭	୮	୯
୧								
୨								
୩								
୪								
୫								
ଉପରୋକ୍ତ ତାଲିକାରେ ଥିବା ଅନୁଷ୍ଠାନଗୁଡ଼ିକର ଆର୍ଥିକ ଅନୁଦାନ ପାଇଁ ସୁପାରିଶ କରାଯାଉଛି। ସଂପୃକ୍ତ ତଥ୍ୟ ଯାଞ୍ଚ କରି ଦାଖଲ କରାଯାଇଛି।
ଗୋଷ୍ଠୀ ଉନ୍ନୟନ ଅଧିକାରୀ (ବି.ଡି.ଓ)
(ମୋହର)
